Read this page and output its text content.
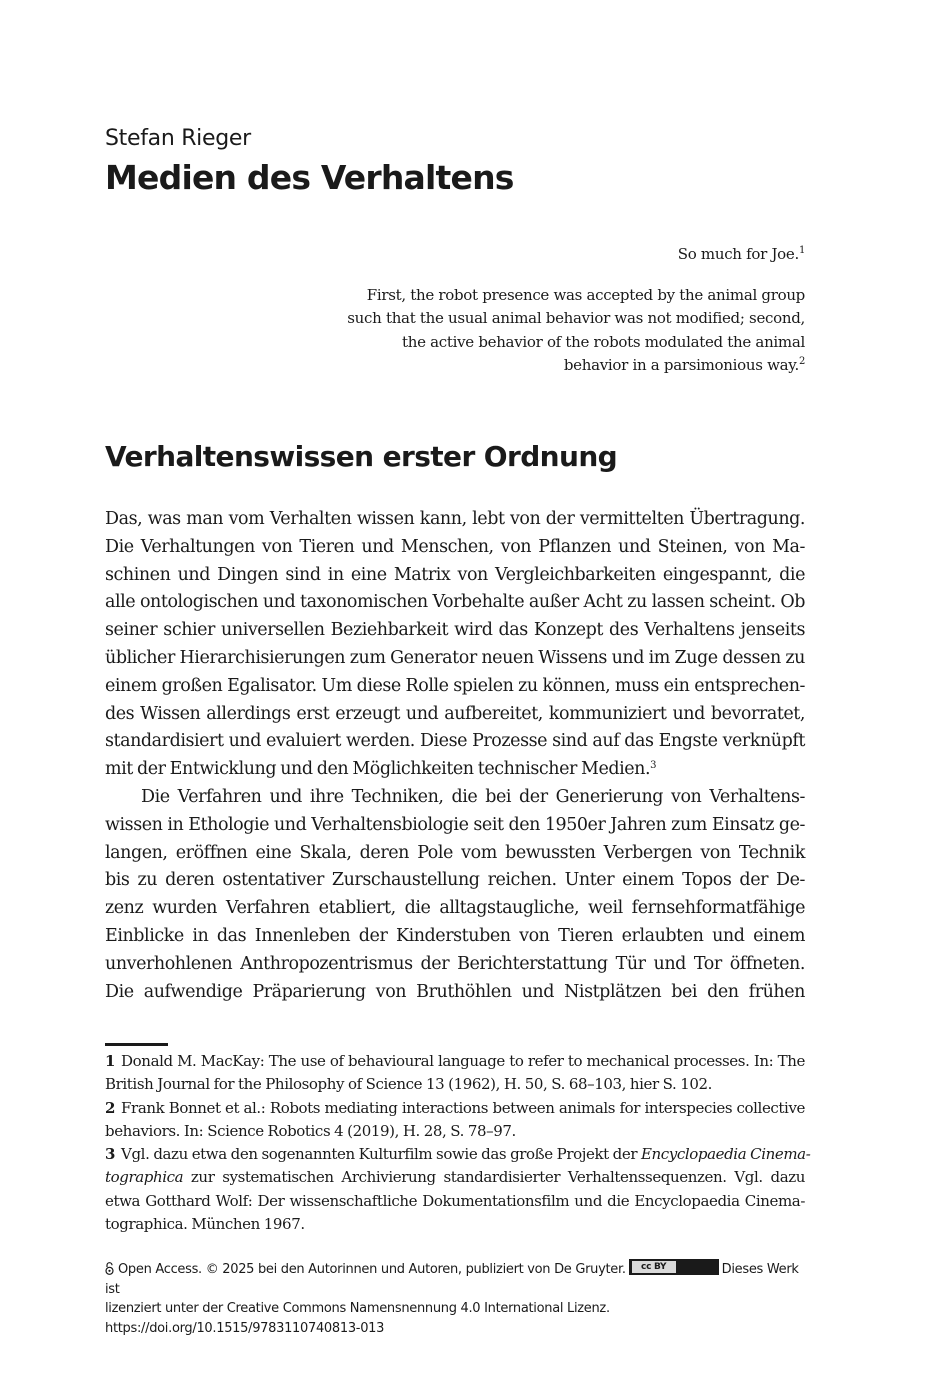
Stefan Rieger
Medien des Verhaltens
So much for Joe.$^1$
First, the robot presence was accepted by the animal group
such that the usual animal behavior was not modified; second,
the active behavior of the robots modulated the animal
behavior in a parsimonious way.$^2$
Verhaltenswissen erster Ordnung
Das, was man vom Verhalten wissen kann, lebt von der vermittelten Übertragung.
Die Verhaltungen von Tieren und Menschen, von Pflanzen und Steinen, von Ma-
schinen und Dingen sind in eine Matrix von Vergleichbarkeiten eingespannt, die
alle ontologischen und taxonomischen Vorbehalte außer Acht zu lassen scheint. Ob
seiner schier universellen Beziehbarkeit wird das Konzept des Verhaltens jenseits
üblicher Hierarchisierungen zum Generator neuen Wissens und im Zuge dessen zu
einem großen Egalisator. Um diese Rolle spielen zu können, muss ein entsprechen-
des Wissen allerdings erst erzeugt und aufbereitet, kommuniziert und bevorratet,
standardisiert und evaluiert werden. Diese Prozesse sind auf das Engste verknüpft
mit der Entwicklung und den Möglichkeiten technischer Medien.$^3$
Die Verfahren und ihre Techniken, die bei der Generierung von Verhaltens-
wissen in Ethologie und Verhaltensbiologie seit den 1950er Jahren zum Einsatz ge-
langen, eröffnen eine Skala, deren Pole vom bewussten Verbergen von Technik
bis zu deren ostentativer Zurschaustellung reichen. Unter einem Topos der De-
zenz wurden Verfahren etabliert, die alltagstaugliche, weil fernsehformatfähige
Einblicke in das Innenleben der Kinderstuben von Tieren erlaubten und einem
unverhohlenen Anthropozentrismus der Berichterstattung Tür und Tor öffneten.
Die aufwendige Präparierung von Bruthöhlen und Nistplätzen bei den frühen
1 Donald M. MacKay: The use of behavioural language to refer to mechanical processes. In: The
British Journal for the Philosophy of Science 13 (1962), H. 50, S. 68–103, hier S. 102.
2 Frank Bonnet et al.: Robots mediating interactions between animals for interspecies collective
behaviors. In: Science Robotics 4 (2019), H. 28, S. 78–97.
3 Vgl. dazu etwa den sogenannten Kulturfilm sowie das große Projekt der Encyclopaedia Cinema-
tographica zur systematischen Archivierung standardisierter Verhaltenssequenzen. Vgl. dazu
etwa Gotthard Wolf: Der wissenschaftliche Dokumentationsfilm und die Encyclopaedia Cinema-
tographica. München 1967.
Open Access. © 2025 bei den Autorinnen und Autoren, publiziert von De Gruyter.	cc BY	Dieses Werk ist
lizenziert unter der Creative Commons Namensnennung 4.0 International Lizenz.
https://doi.org/10.1515/9783110740813-013
